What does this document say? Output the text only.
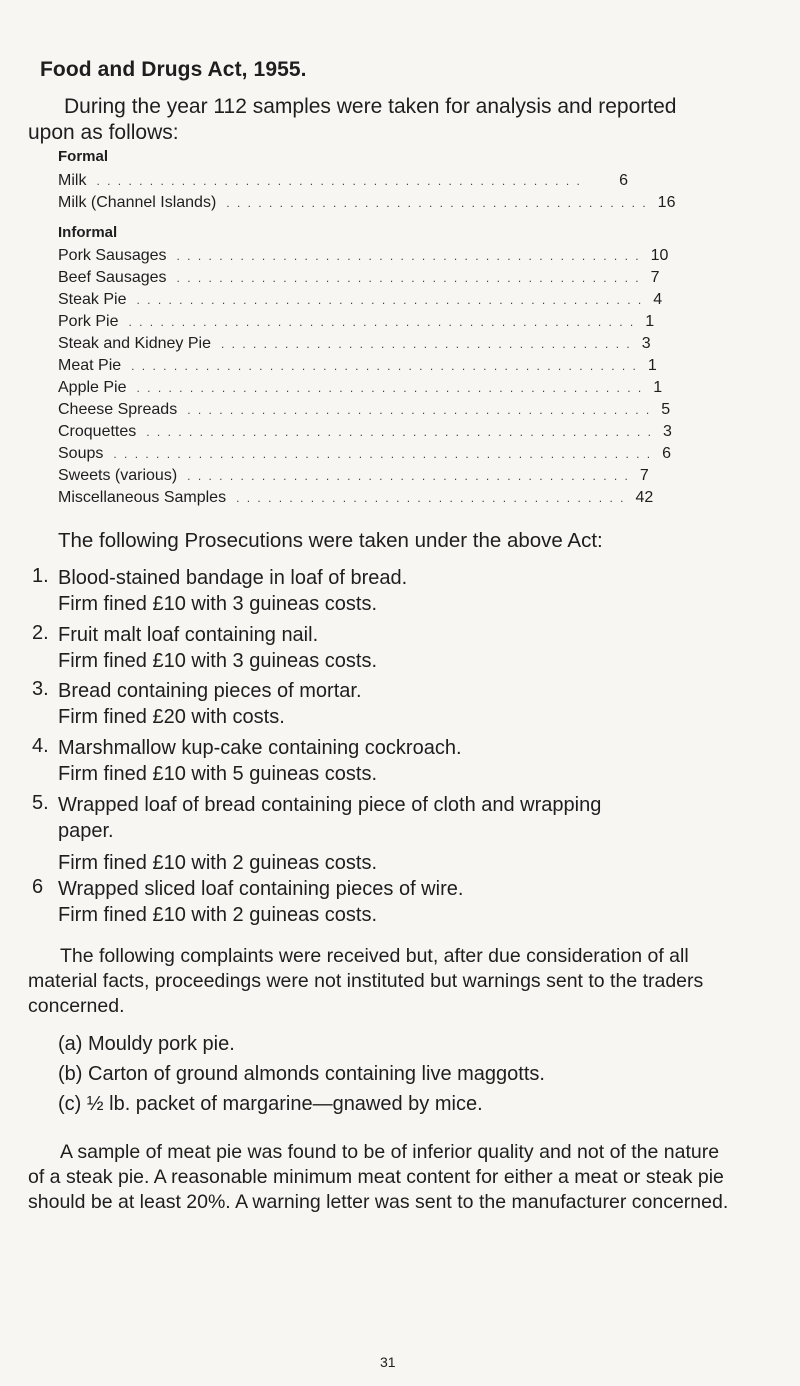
Food and Drugs Act, 1955.
During the year 112 samples were taken for analysis and reported upon as follows:
Formal
Milk . . . . . . . . . . . . . . . . . . . . . . . . . . . . . . . . . . . . . . . . . . . . . .	6
Milk (Channel Islands) . . . . . . . . . . . . . . . . . . . . . . . . . . . . . . . . . . . . . . . . 16
Informal
Pork Sausages . . . . . . . . . . . . . . . . . . . . . . . . . . . . . . . . . . . . . . . . . . . . 10
Beef Sausages . . . . . . . . . . . . . . . . . . . . . . . . . . . . . . . . . . . . . . . . . . . . 7
Steak Pie . . . . . . . . . . . . . . . . . . . . . . . . . . . . . . . . . . . . . . . . . . . . . . . . 4
Pork Pie . . . . . . . . . . . . . . . . . . . . . . . . . . . . . . . . . . . . . . . . . . . . . . . . 1
Steak and Kidney Pie . . . . . . . . . . . . . . . . . . . . . . . . . . . . . . . . . . . . . . . 3
Meat Pie . . . . . . . . . . . . . . . . . . . . . . . . . . . . . . . . . . . . . . . . . . . . . . . . 1
Apple Pie . . . . . . . . . . . . . . . . . . . . . . . . . . . . . . . . . . . . . . . . . . . . . . . . 1
Cheese Spreads . . . . . . . . . . . . . . . . . . . . . . . . . . . . . . . . . . . . . . . . . . . . 5
Croquettes . . . . . . . . . . . . . . . . . . . . . . . . . . . . . . . . . . . . . . . . . . . . . . . . 3
Soups . . . . . . . . . . . . . . . . . . . . . . . . . . . . . . . . . . . . . . . . . . . . . . . . . . . 6
Sweets (various) . . . . . . . . . . . . . . . . . . . . . . . . . . . . . . . . . . . . . . . . . . 7
Miscellaneous Samples . . . . . . . . . . . . . . . . . . . . . . . . . . . . . . . . . . . . . 42
The following Prosecutions were taken under the above Act:
1. Blood-stained bandage in loaf of bread.
Firm fined £10 with 3 guineas costs.
2. Fruit malt loaf containing nail.
Firm fined £10 with 3 guineas costs.
3. Bread containing pieces of mortar.
Firm fined £20 with costs.
4. Marshmallow kup-cake containing cockroach.
Firm fined £10 with 5 guineas costs.
5. Wrapped loaf of bread containing piece of cloth and wrapping
paper.
Firm fined £10 with 2 guineas costs.
6 Wrapped sliced loaf containing pieces of wire.
Firm fined £10 with 2 guineas costs.
The following complaints were received but, after due consideration of all material facts, proceedings were not instituted but warnings sent to the traders concerned.
(a) Mouldy pork pie.
(b) Carton of ground almonds containing live maggotts.
(c) ½ lb. packet of margarine—gnawed by mice.
A sample of meat pie was found to be of inferior quality and not of the nature of a steak pie. A reasonable minimum meat content for either a meat or steak pie should be at least 20%. A warning letter was sent to the manufacturer concerned.
31
